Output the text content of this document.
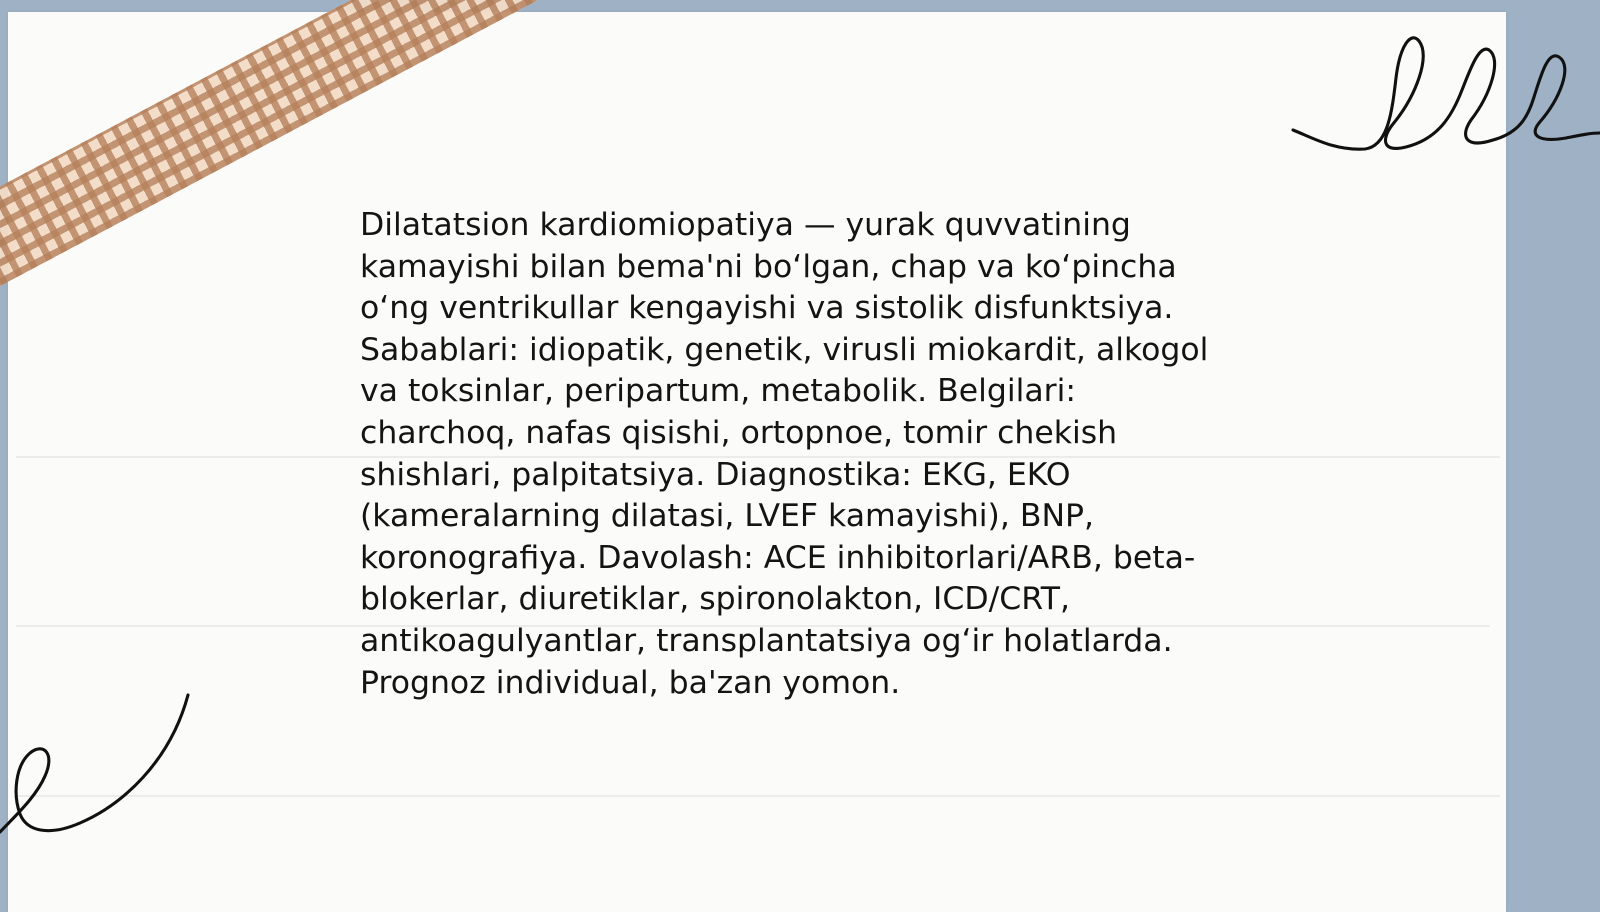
Dilatatsion kardiomiopatiya — yurak quvvatining
kamayishi bilan bema'ni bo‘lgan, chap va ko‘pincha
o‘ng ventrikullar kengayishi va sistolik disfunktsiya.
Sabablari: idiopatik, genetik, virusli miokardit, alkogol
va toksinlar, peripartum, metabolik. Belgilari:
charchoq, nafas qisishi, ortopnoe, tomir chekish
shishlari, palpitatsiya. Diagnostika: EKG, EKO
(kameralarning dilatasi, LVEF kamayishi), BNP,
koronografiya. Davolash: ACE inhibitorlari/ARB, beta-
blokerlar, diuretiklar, spironolakton, ICD/CRT,
antikoagulyantlar, transplantatsiya og‘ir holatlarda.
Prognoz individual, ba'zan yomon.
